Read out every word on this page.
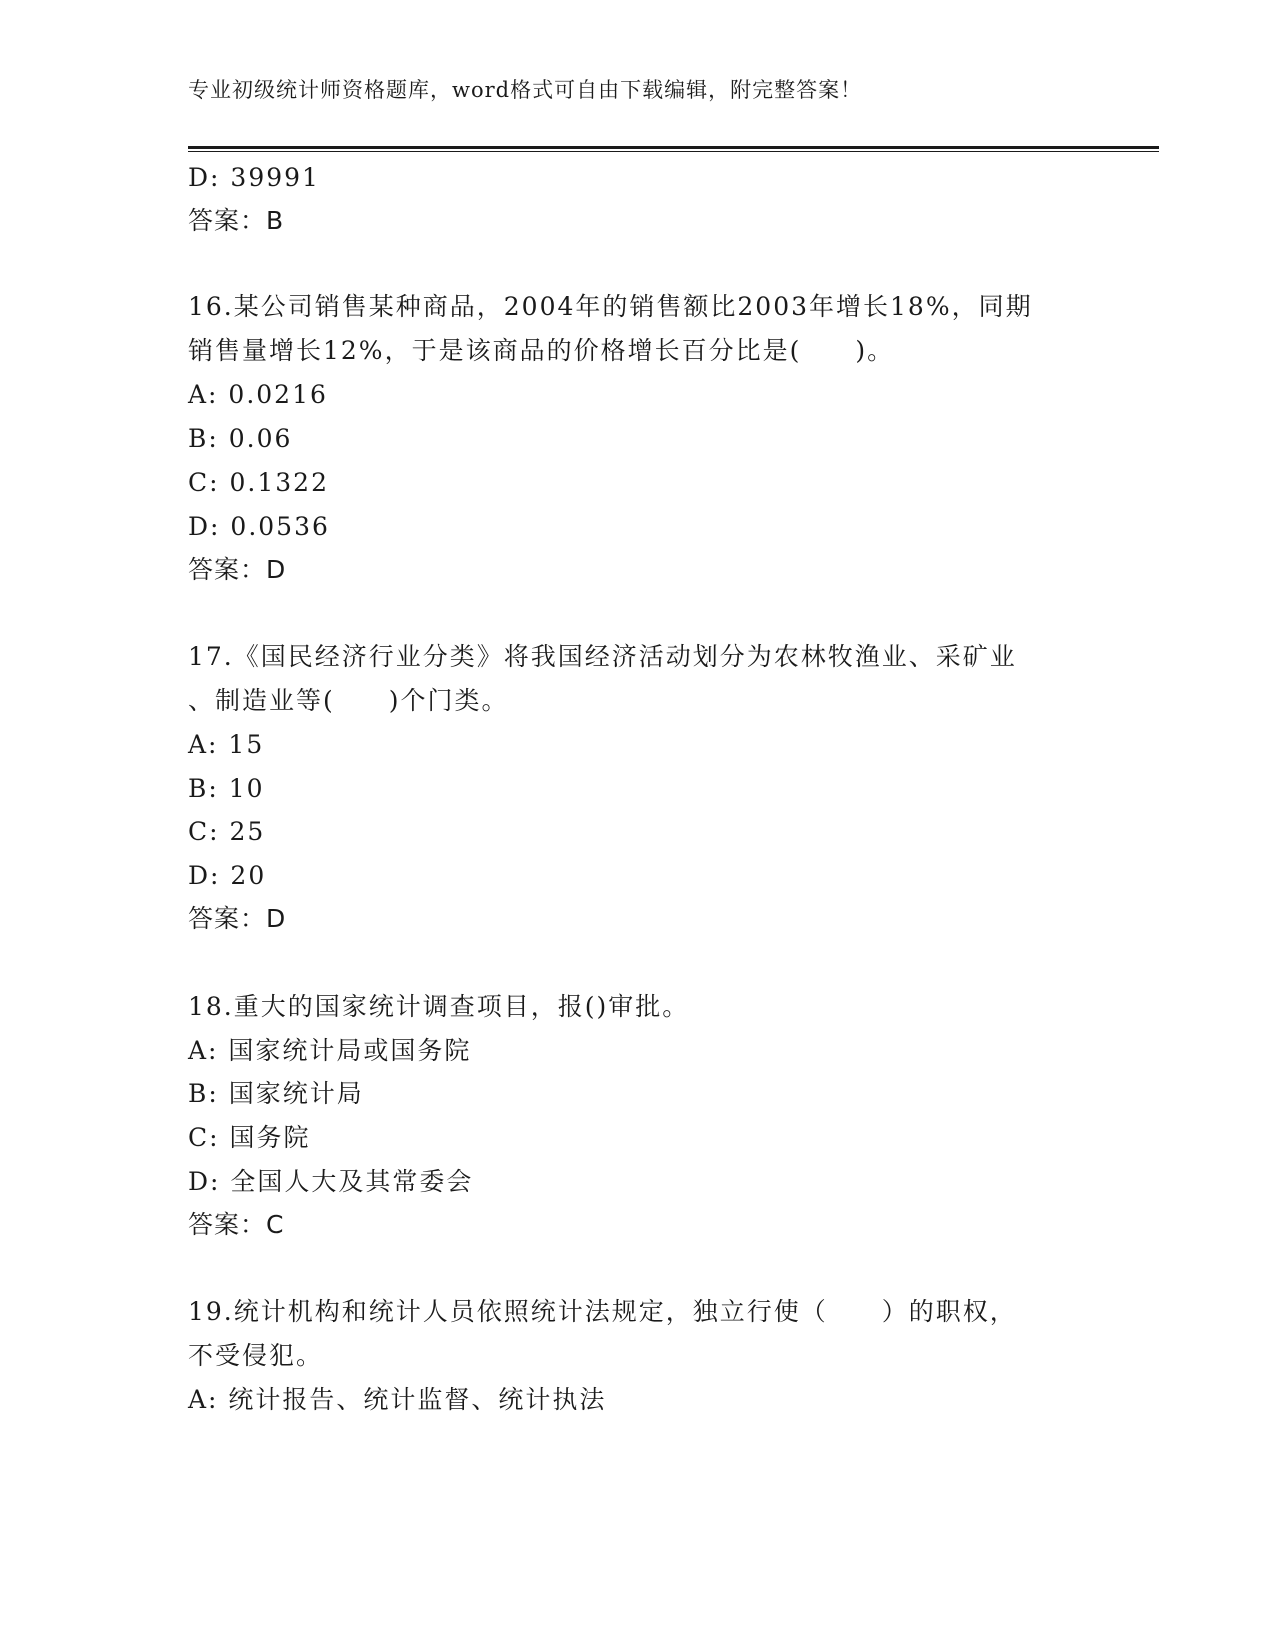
专业初级统计师资格题库，word格式可自由下载编辑，附完整答案！
D: 39991
答案：B
16.某公司销售某种商品，2004年的销售额比2003年增长18%，同期
销售量增长12%，于是该商品的价格增长百分比是(　　)。
A: 0.0216
B: 0.06
C: 0.1322
D: 0.0536
答案：D
17.《国民经济行业分类》将我国经济活动划分为农林牧渔业、采矿业
、制造业等(　　)个门类。
A: 15
B: 10
C: 25
D: 20
答案：D
18.重大的国家统计调查项目，报()审批。
A: 国家统计局或国务院
B: 国家统计局
C: 国务院
D: 全国人大及其常委会
答案：C
19.统计机构和统计人员依照统计法规定，独立行使（　　）的职权，
不受侵犯。
A: 统计报告、统计监督、统计执法
